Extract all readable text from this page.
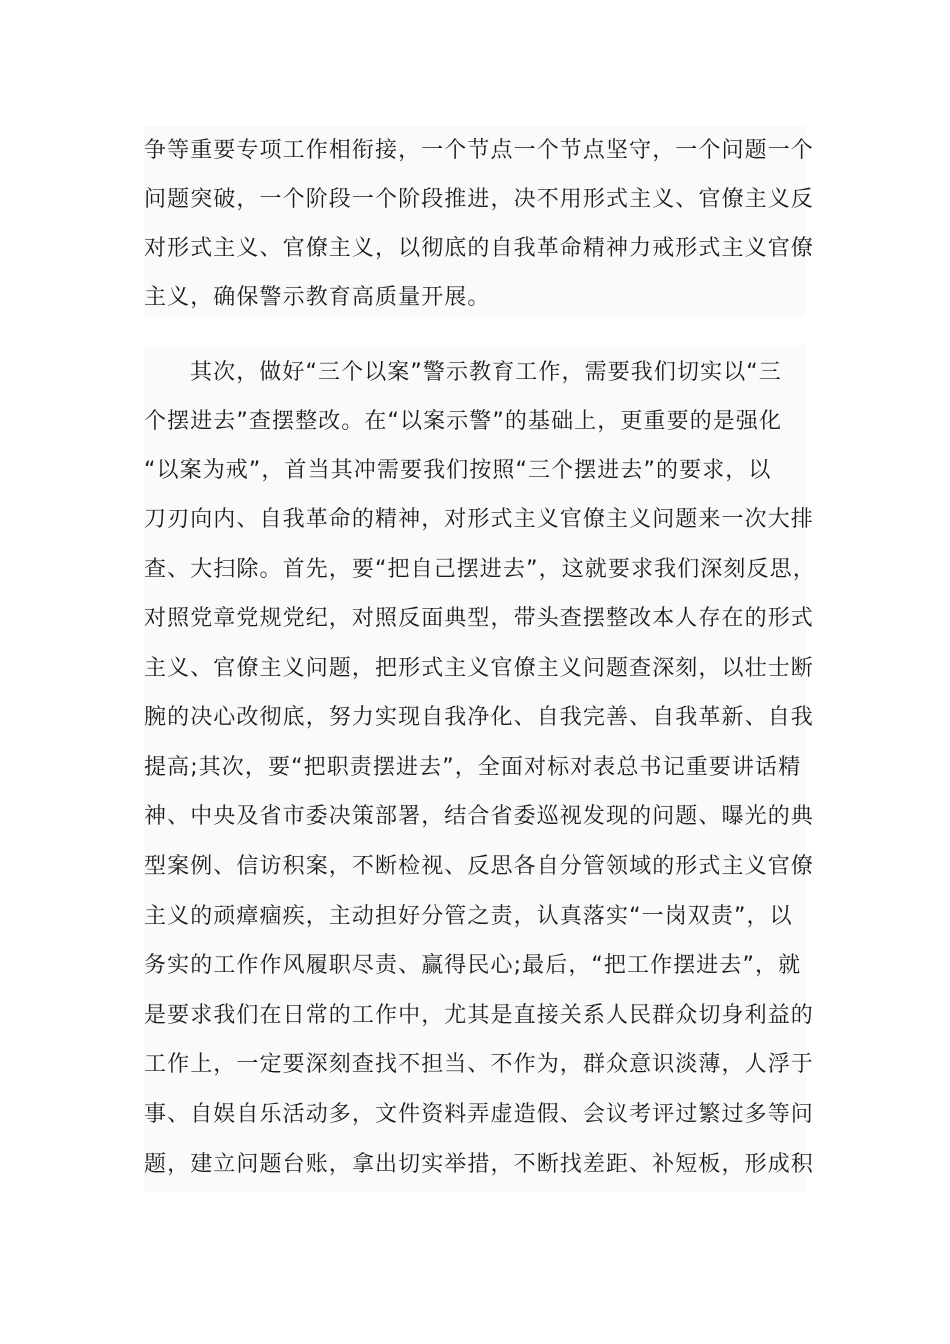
争等重要专项工作相衔接，一个节点一个节点坚守，一个问题一个

问题突破，一个阶段一个阶段推进，决不用形式主义、官僚主义反

对形式主义、官僚主义，以彻底的自我革命精神力戒形式主义官僚

主义，确保警示教育高质量开展。

其次，做好“三个以案”警示教育工作，需要我们切实以“三

个摆进去”查摆整改。在“以案示警”的基础上，更重要的是强化

“以案为戒”，首当其冲需要我们按照“三个摆进去”的要求，以

刀刃向内、自我革命的精神，对形式主义官僚主义问题来一次大排

查、大扫除。首先，要“把自己摆进去”，这就要求我们深刻反思，

对照党章党规党纪，对照反面典型，带头查摆整改本人存在的形式

主义、官僚主义问题，把形式主义官僚主义问题查深刻，以壮士断

腕的决心改彻底，努力实现自我净化、自我完善、自我革新、自我

提高;其次，要“把职责摆进去”，全面对标对表总书记重要讲话精

神、中央及省市委决策部署，结合省委巡视发现的问题、曝光的典

型案例、信访积案，不断检视、反思各自分管领域的形式主义官僚

主义的顽瘴痼疾，主动担好分管之责，认真落实“一岗双责”，以

务实的工作作风履职尽责、赢得民心;最后，“把工作摆进去”，就

是要求我们在日常的工作中，尤其是直接关系人民群众切身利益的

工作上，一定要深刻查找不担当、不作为，群众意识淡薄，人浮于

事、自娱自乐活动多，文件资料弄虚造假、会议考评过繁过多等问

题，建立问题台账，拿出切实举措，不断找差距、补短板，形成积
